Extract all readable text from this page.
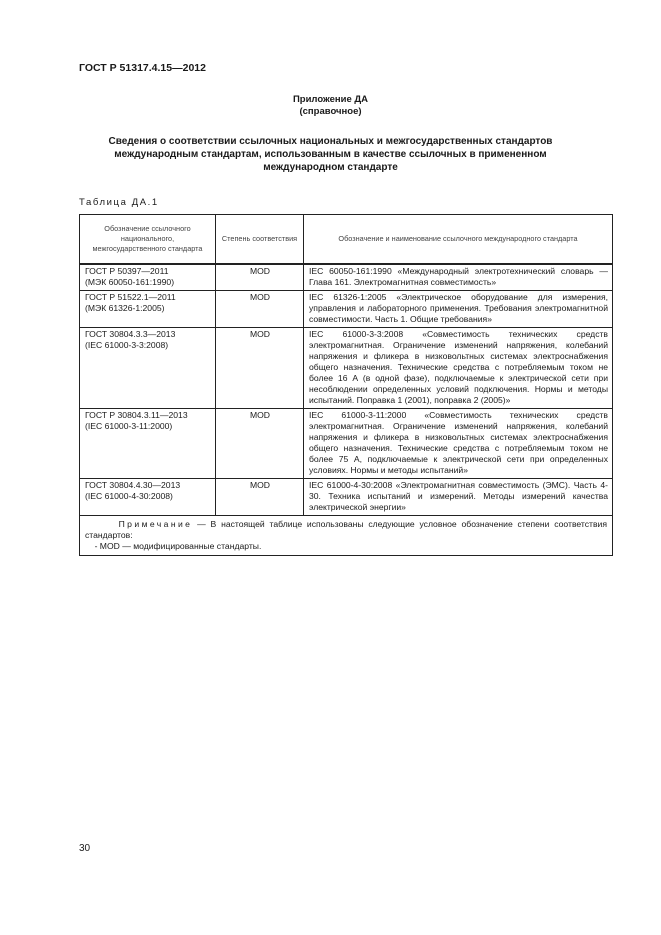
ГОСТ Р 51317.4.15—2012
Приложение ДА
(справочное)
Сведения о соответствии ссылочных национальных и межгосударственных стандартов
международным стандартам, использованным в качестве ссылочных в примененном
международном стандарте
Таблица ДА.1
Обозначение ссылочного национального, межгосударственного стандарта	Степень соответствия	Обозначение и наименование ссылочного международного стандарта

ГОСТ Р 50397—2011
(МЭК 60050-161:1990)	MOD	IEC 60050-161:1990 «Международный электротехнический словарь — Глава 161. Электромагнитная совместимость»

ГОСТ Р 51522.1—2011
(МЭК 61326-1:2005)	MOD	IEC 61326-1:2005 «Электрическое оборудование для измерения, управления и лабораторного применения. Требования электромагнитной совместимости. Часть 1. Общие требования»

ГОСТ 30804.3.3—2013
(IEC 61000-3-3:2008)	MOD	IEC 61000-3-3:2008 «Совместимость технических средств электромагнитная. Ограничение изменений напряжения, колебаний напряжения и фликера в низковольтных системах электроснабжения общего назначения. Технические средства с потребляемым током не более 16 А (в одной фазе), подключаемые к электрической сети при несоблюдении определенных условий подключения. Нормы и методы испытаний. Поправка 1 (2001), поправка 2 (2005)»

ГОСТ Р 30804.3.11—2013
(IEC 61000-3-11:2000)	MOD	IEC 61000-3-11:2000 «Совместимость технических средств электромагнитная. Ограничение изменений напряжения, колебаний напряжения и фликера в низковольтных системах электроснабжения общего назначения. Технические средства с потребляемым током не более 75 А, подключаемые к электрической сети при определенных условиях. Нормы и методы испытаний»

ГОСТ 30804.4.30—2013
(IEC 61000-4-30:2008)	MOD	IEC 61000-4-30:2008 «Электромагнитная совместимость (ЭМС). Часть 4-30. Техника испытаний и измерений. Методы измерений качества электрической энергии»

Примечание — В настоящей таблице использованы следующие условное обозначение степени соответствия стандартов:
- MOD — модифицированные стандарты.		
30
